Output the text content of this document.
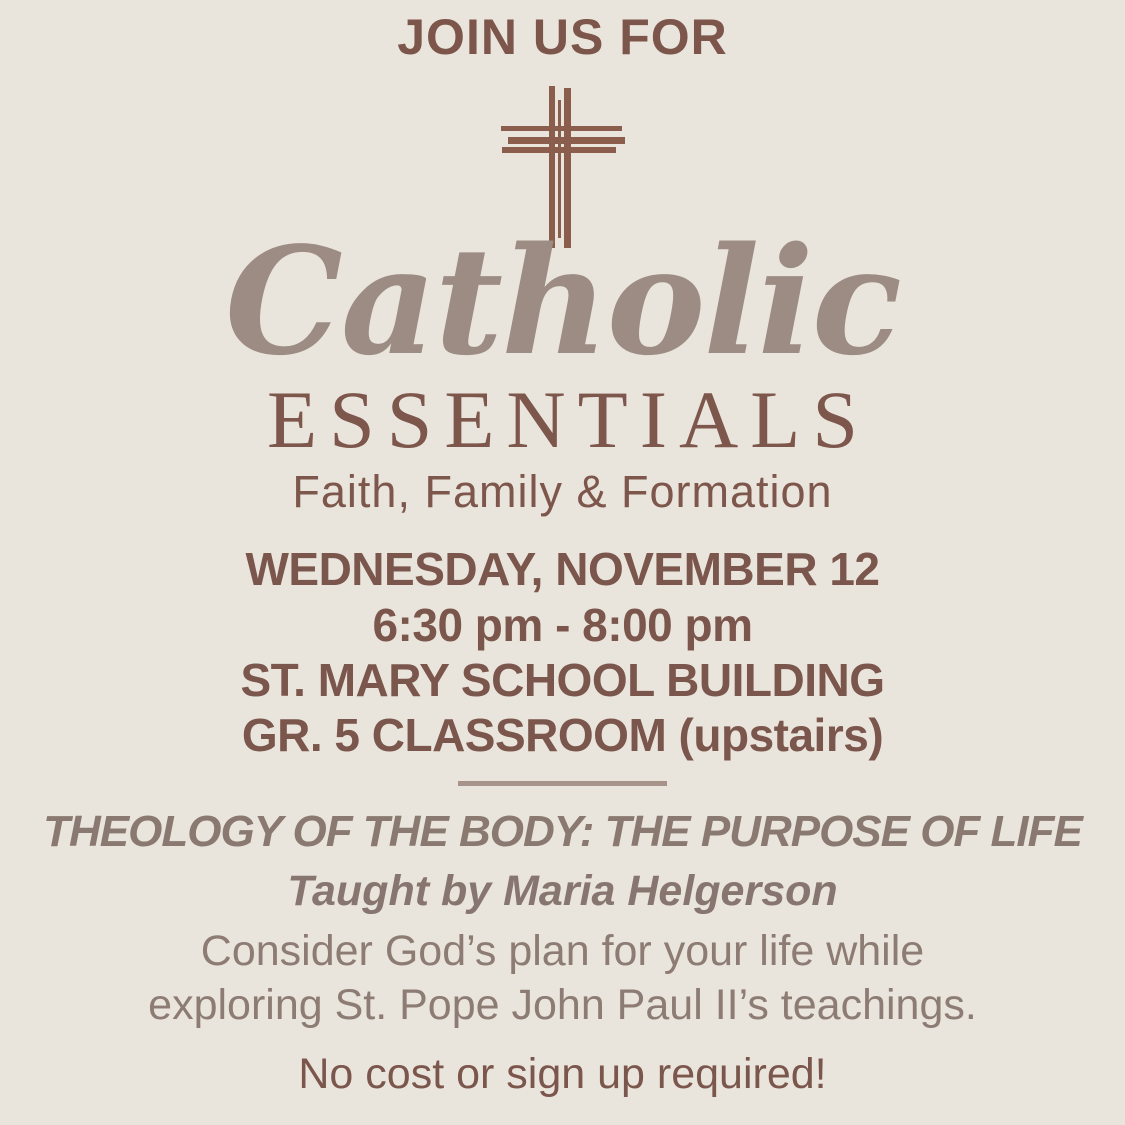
JOIN US FOR
Catholic
ESSENTIALS
Faith, Family & Formation
WEDNESDAY, NOVEMBER 12
6:30 pm - 8:00 pm
ST. MARY SCHOOL BUILDING
GR. 5 CLASSROOM (upstairs)
THEOLOGY OF THE BODY: THE PURPOSE OF LIFE
Taught by Maria Helgerson
Consider God’s plan for your life while
exploring St. Pope John Paul II’s teachings.
No cost or sign up required!
